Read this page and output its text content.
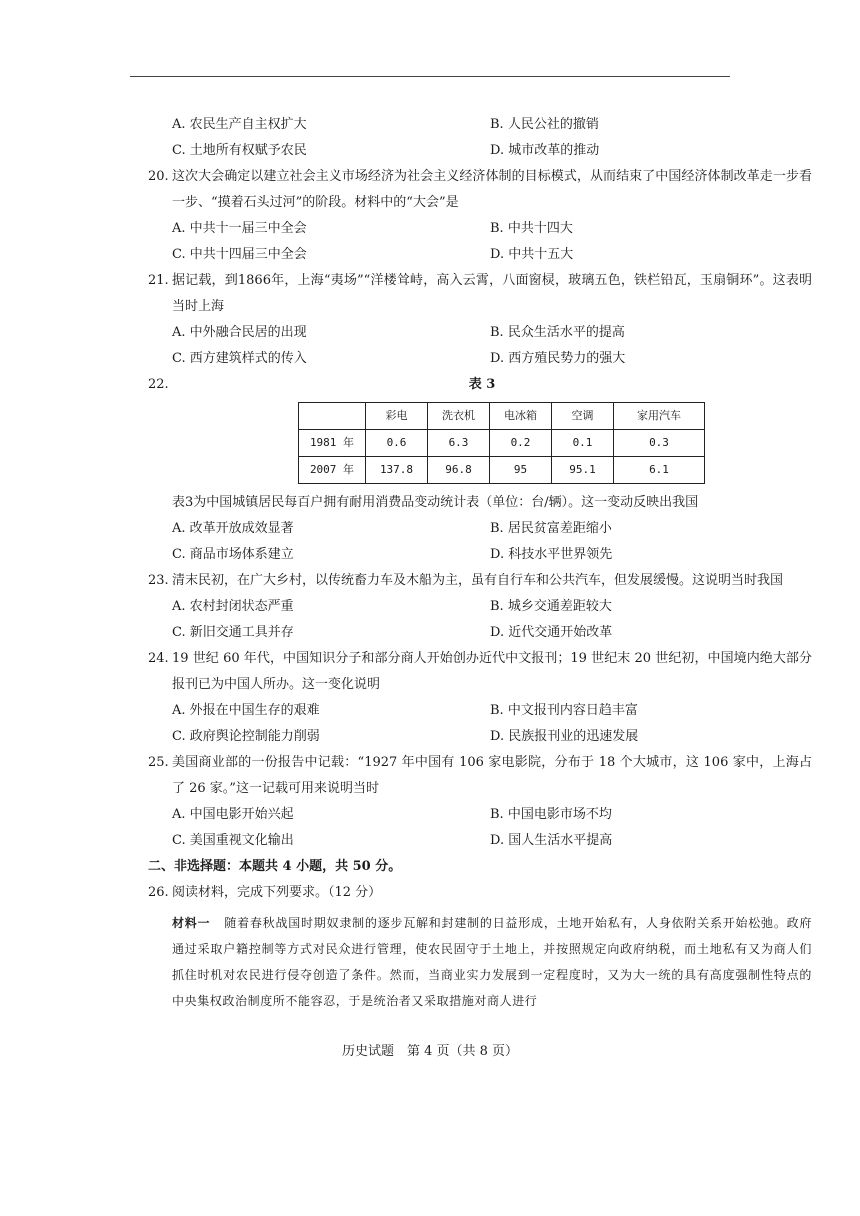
A. 农民生产自主权扩大	B. 人民公社的撤销
C. 土地所有权赋予农民	D. 城市改革的推动
20. 这次大会确定以建立社会主义市场经济为社会主义经济体制的目标模式，从而结束了中国经济体制改革走一步看一步、“摸着石头过河”的阶段。材料中的“大会”是

A. 中共十一届三中全会	B. 中共十四大
C. 中共十四届三中全会	D. 中共十五大
21. 据记载，到1866年，上海“夷场”“洋楼耸峙，高入云霄，八面窗棂，玻璃五色，铁栏铅瓦，玉扇铜环”。这表明当时上海

A. 中外融合民居的出现	B. 民众生活水平的提高
C. 西方建筑样式的传入	D. 西方殖民势力的强大
22.	表 3
	彩电	洗衣机	电冰箱	空调	家用汽车
1981 年	0.6	6.3	0.2	0.1	0.3
2007 年	137.8	96.8	95	95.1	6.1

表3为中国城镇居民每百户拥有耐用消费品变动统计表（单位：台/辆）。这一变动反映出我国

A. 改革开放成效显著	B. 居民贫富差距缩小
C. 商品市场体系建立	D. 科技水平世界领先
23. 清末民初，在广大乡村，以传统畜力车及木船为主，虽有自行车和公共汽车，但发展缓慢。这说明当时我国

A. 农村封闭状态严重	B. 城乡交通差距较大
C. 新旧交通工具并存	D. 近代交通开始改革
24. 19 世纪 60 年代，中国知识分子和部分商人开始创办近代中文报刊；19 世纪末 20 世纪初，中国境内绝大部分报刊已为中国人所办。这一变化说明

A. 外报在中国生存的艰难	B. 中文报刊内容日趋丰富
C. 政府舆论控制能力削弱	D. 民族报刊业的迅速发展
25. 美国商业部的一份报告中记载：“1927 年中国有 106 家电影院，分布于 18 个大城市，这 106 家中，上海占了 26 家。”这一记载可用来说明当时

A. 中国电影开始兴起	B. 中国电影市场不均
C. 美国重视文化输出	D. 国人生活水平提高

二、非选择题：本题共 4 小题，共 50 分。

26. 阅读材料，完成下列要求。（12 分）

材料一 随着春秋战国时期奴隶制的逐步瓦解和封建制的日益形成，土地开始私有，人身依附关系开始松弛。政府通过采取户籍控制等方式对民众进行管理，使农民固守于土地上，并按照规定向政府纳税，而土地私有又为商人们抓住时机对农民进行侵夺创造了条件。然而，当商业实力发展到一定程度时，又为大一统的具有高度强制性特点的中央集权政治制度所不能容忍，于是统治者又采取措施对商人进行

历史试题　第 4 页（共 8 页）
